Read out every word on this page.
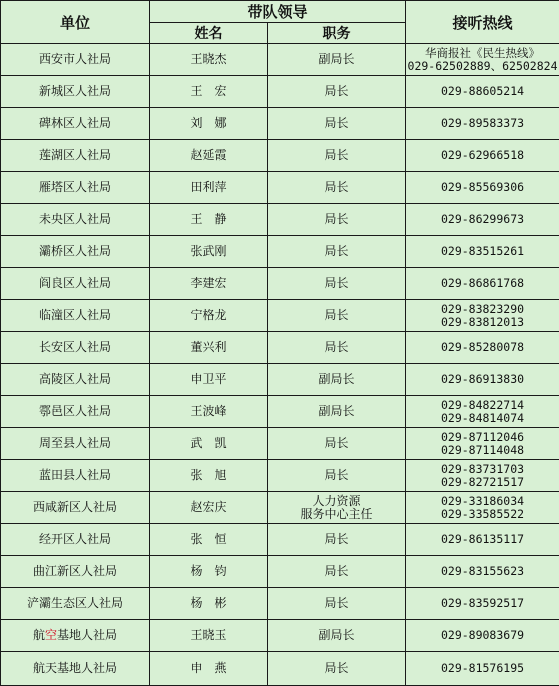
单位	带队领导		接听热线
	姓名	职务	
西安市人社局	王晓杰	副局长	华商报社《民生热线》
029-62502889、62502824
新城区人社局	王　宏	局长	029-88605214
碑林区人社局	刘　娜	局长	029-89583373
莲湖区人社局	赵延霞	局长	029-62966518
雁塔区人社局	田利萍	局长	029-85569306
未央区人社局	王　静	局长	029-86299673
灞桥区人社局	张武刚	局长	029-83515261
阎良区人社局	李建宏	局长	029-86861768
临潼区人社局	宁格龙	局长	029-83823290
029-83812013
长安区人社局	董兴利	局长	029-85280078
高陵区人社局	申卫平	副局长	029-86913830
鄠邑区人社局	王波峰	副局长	029-84822714
029-84814074
周至县人社局	武　凯	局长	029-87112046
029-87114048
蓝田县人社局	张　旭	局长	029-83731703
029-82721517
西咸新区人社局	赵宏庆	人力资源
服务中心主任	029-33186034
029-33585522
经开区人社局	张　恒	局长	029-86135117
曲江新区人社局	杨　钧	局长	029-83155623
浐灞生态区人社局	杨　彬	局长	029-83592517
航空基地人社局	王晓玉	副局长	029-89083679
航天基地人社局	申　燕	局长	029-81576195
